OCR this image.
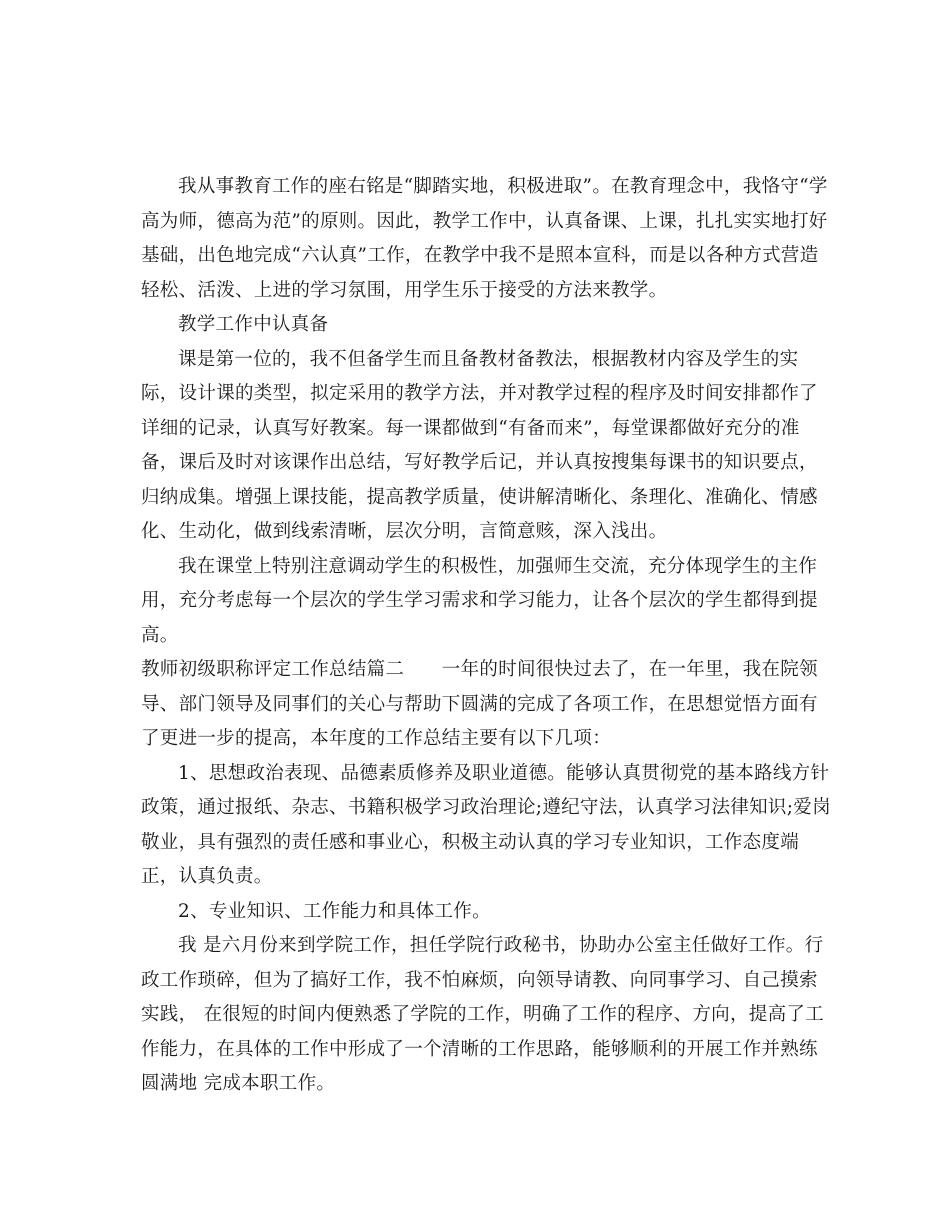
我从事教育工作的座右铭是“脚踏实地，积极进取”。在教育理念中，我恪守“学高为师，德高为范”的原则。因此，教学工作中，认真备课、上课，扎扎实实地打好基础，出色地完成“六认真”工作，在教学中我不是照本宣科，而是以各种方式营造轻松、活泼、上进的学习氛围，用学生乐于接受的方法来教学。

教学工作中认真备

课是第一位的，我不但备学生而且备教材备教法，根据教材内容及学生的实际，设计课的类型，拟定采用的教学方法，并对教学过程的程序及时间安排都作了详细的记录，认真写好教案。每一课都做到“有备而来”，每堂课都做好充分的准备，课后及时对该课作出总结，写好教学后记，并认真按搜集每课书的知识要点，归纳成集。增强上课技能，提高教学质量，使讲解清晰化、条理化、准确化、情感化、生动化，做到线索清晰，层次分明，言简意赅，深入浅出。

我在课堂上特别注意调动学生的积极性，加强师生交流，充分体现学生的主作用，充分考虑每一个层次的学生学习需求和学习能力，让各个层次的学生都得到提高。

教师初级职称评定工作总结篇二　　一年的时间很快过去了，在一年里，我在院领导、部门领导及同事们的关心与帮助下圆满的完成了各项工作，在思想觉悟方面有了更进一步的提高，本年度的工作总结主要有以下几项：

1、思想政治表现、品德素质修养及职业道德。能够认真贯彻党的基本路线方针政策，通过报纸、杂志、书籍积极学习政治理论;遵纪守法，认真学习法律知识;爱岗敬业，具有强烈的责任感和事业心，积极主动认真的学习专业知识，工作态度端正，认真负责。

2、专业知识、工作能力和具体工作。

我 是六月份来到学院工作，担任学院行政秘书，协助办公室主任做好工作。行政工作琐碎，但为了搞好工作，我不怕麻烦，向领导请教、向同事学习、自己摸索实践， 在很短的时间内便熟悉了学院的工作，明确了工作的程序、方向，提高了工作能力，在具体的工作中形成了一个清晰的工作思路，能够顺利的开展工作并熟练圆满地 完成本职工作。
